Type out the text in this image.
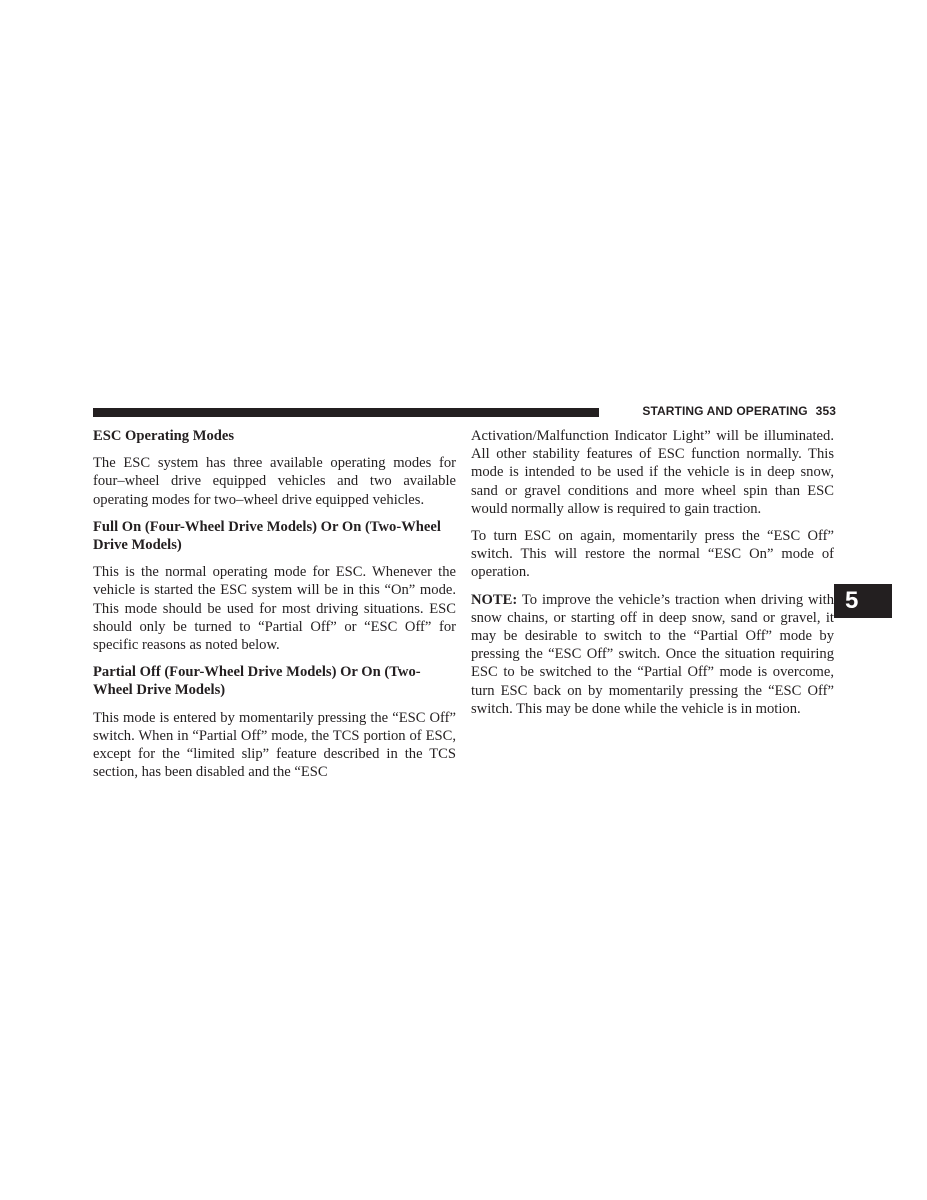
STARTING AND OPERATING 353
5
ESC Operating Modes

The ESC system has three available operating modes for four–wheel drive equipped vehicles and two available operating modes for two–wheel drive equipped vehicles.

Full On (Four-Wheel Drive Models) Or On (Two-Wheel Drive Models)

This is the normal operating mode for ESC. Whenever the vehicle is started the ESC system will be in this “On” mode. This mode should be used for most driving situations. ESC should only be turned to “Partial Off” or “ESC Off” for specific reasons as noted below.

Partial Off (Four-Wheel Drive Models) Or On (Two-Wheel Drive Models)

This mode is entered by momentarily pressing the “ESC Off” switch. When in “Partial Off” mode, the TCS portion of ESC, except for the “limited slip” feature described in the TCS section, has been disabled and the “ESC

Activation/Malfunction Indicator Light” will be illuminated. All other stability features of ESC function normally. This mode is intended to be used if the vehicle is in deep snow, sand or gravel conditions and more wheel spin than ESC would normally allow is required to gain traction.

To turn ESC on again, momentarily press the “ESC Off” switch. This will restore the normal “ESC On” mode of operation.

NOTE: To improve the vehicle’s traction when driving with snow chains, or starting off in deep snow, sand or gravel, it may be desirable to switch to the “Partial Off” mode by pressing the “ESC Off” switch. Once the situation requiring ESC to be switched to the “Partial Off” mode is overcome, turn ESC back on by momentarily pressing the “ESC Off” switch. This may be done while the vehicle is in motion.
